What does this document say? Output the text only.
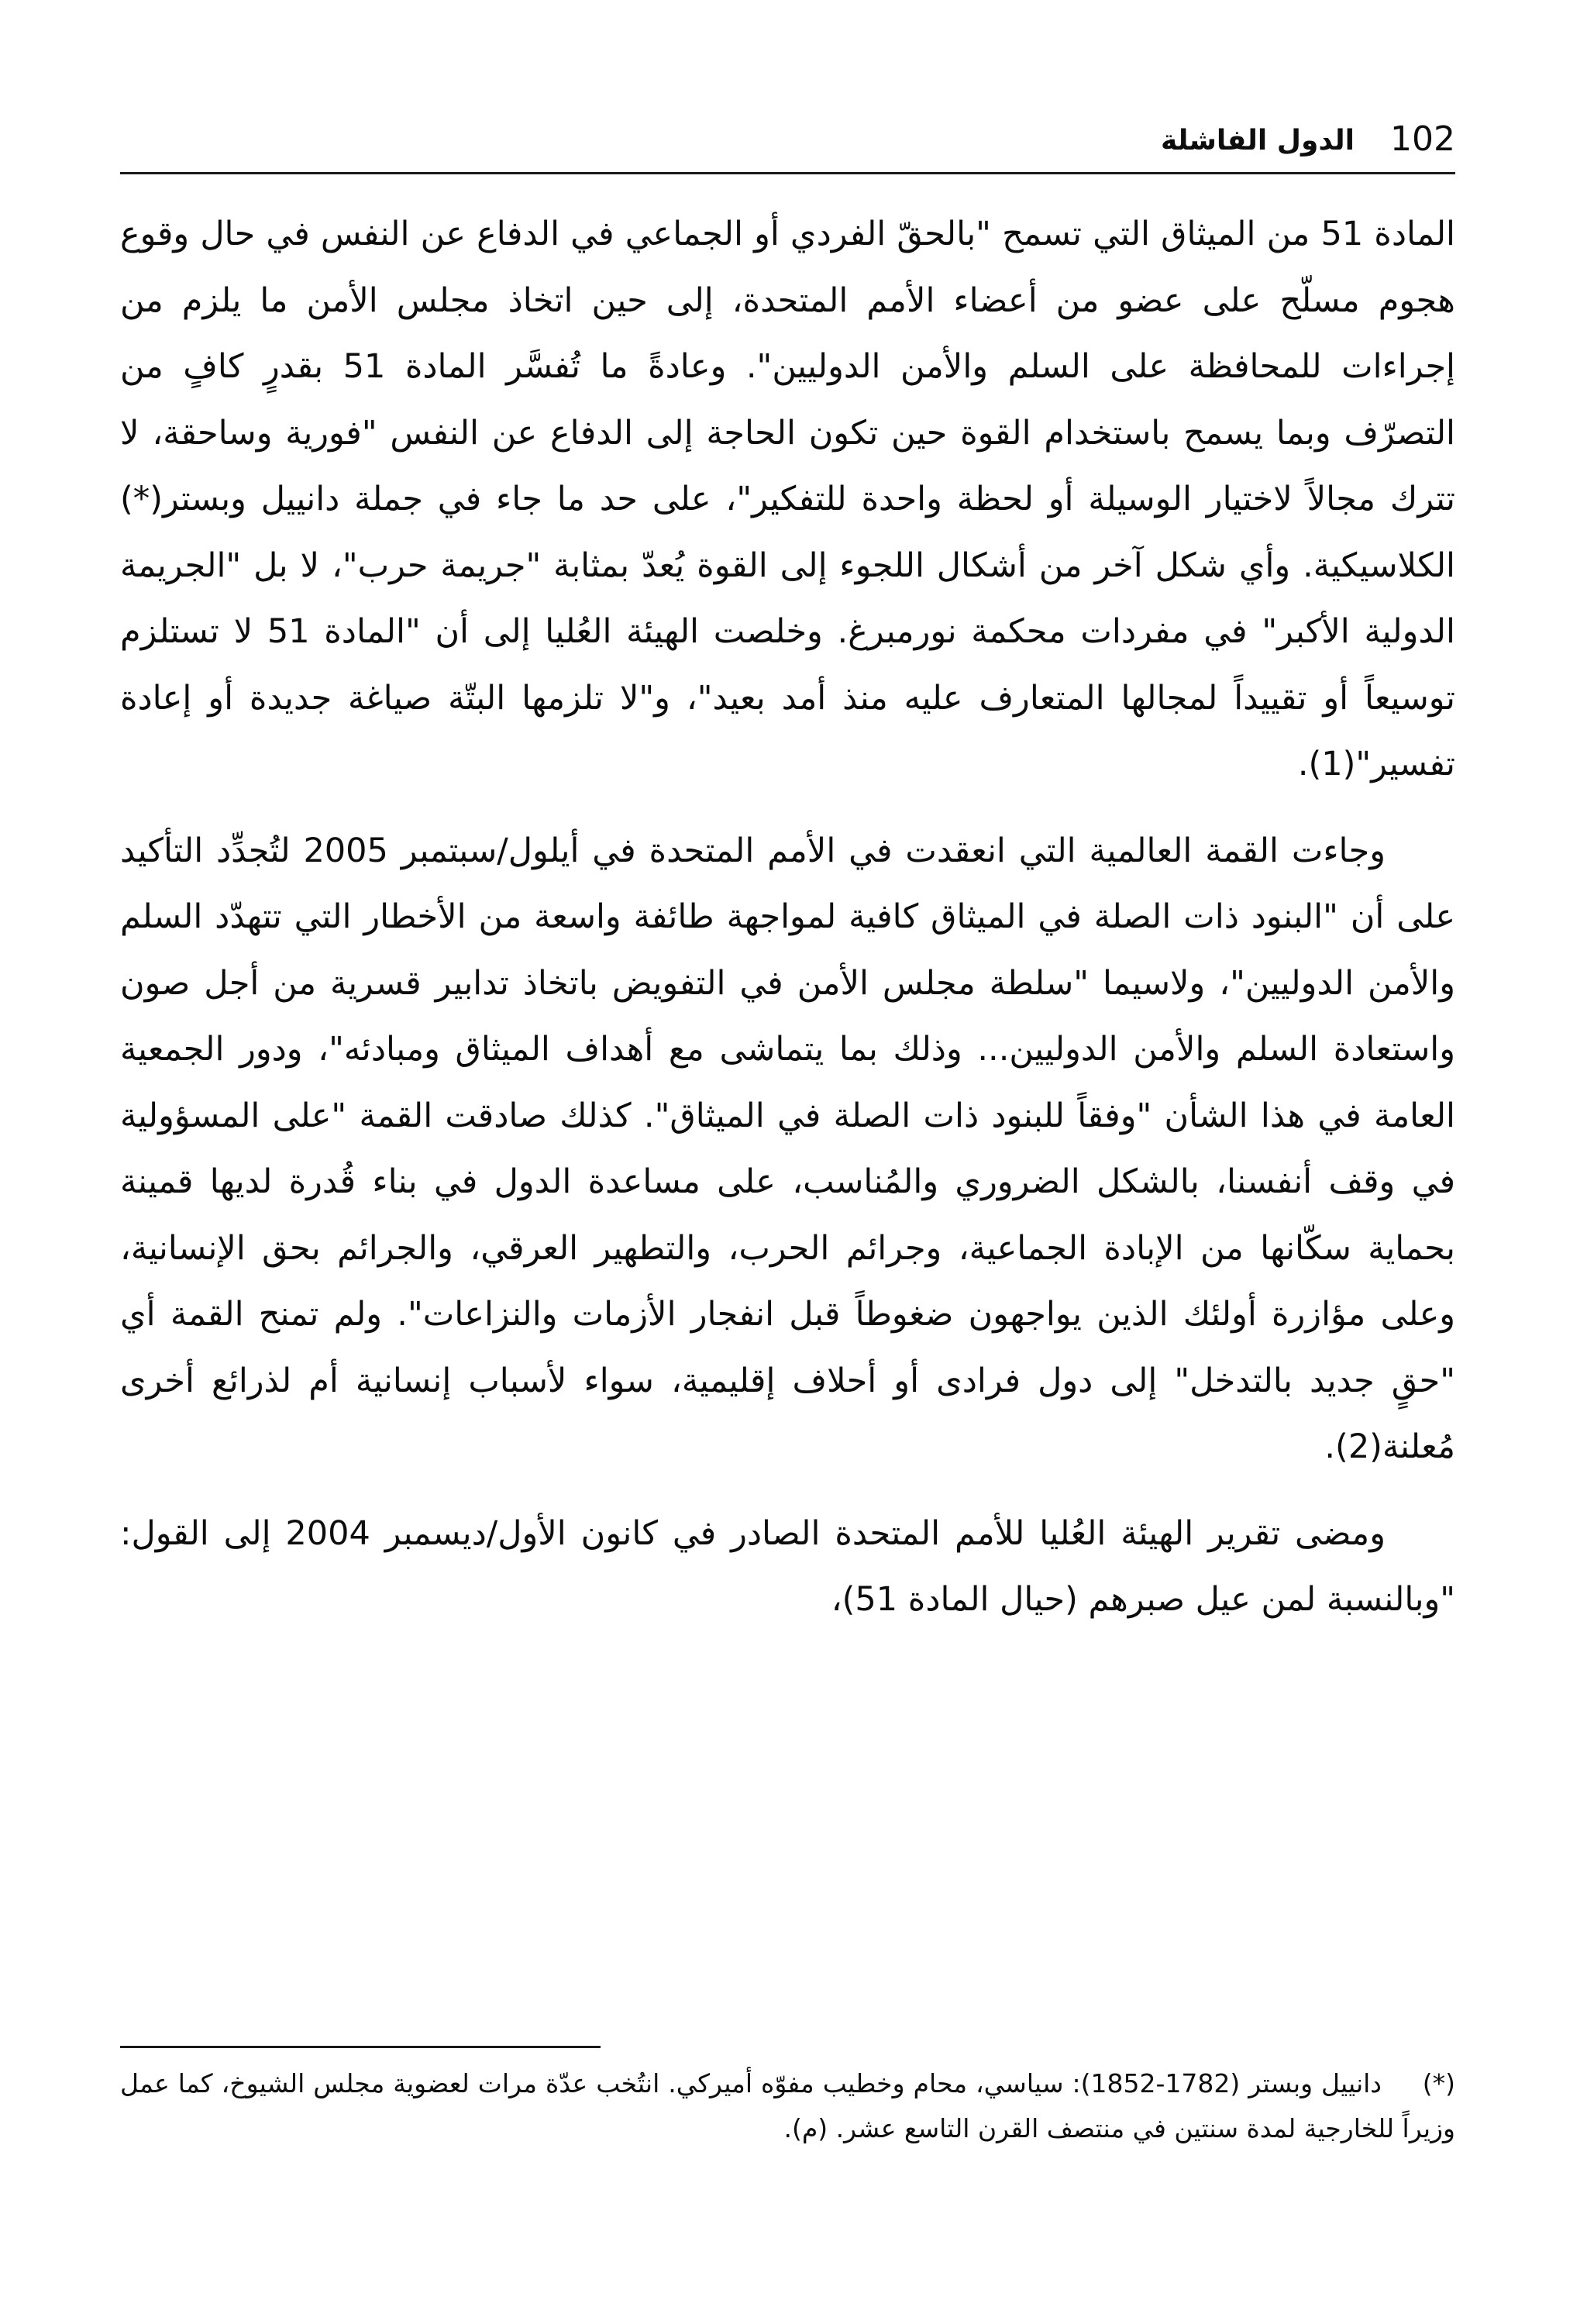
102
الدول الفاشلة

المادة 51 من الميثاق التي تسمح "بالحقّ الفردي أو الجماعي في الدفاع عن النفس في حال وقوع هجوم مسلّح على عضو من أعضاء الأمم المتحدة، إلى حين اتخاذ مجلس الأمن ما يلزم من إجراءات للمحافظة على السلم والأمن الدوليين". وعادةً ما تُفسَّر المادة 51 بقدرٍ كافٍ من التصرّف وبما يسمح باستخدام القوة حين تكون الحاجة إلى الدفاع عن النفس "فورية وساحقة، لا تترك مجالاً لاختيار الوسيلة أو لحظة واحدة للتفكير"، على حد ما جاء في جملة دانييل وبستر(*) الكلاسيكية. وأي شكل آخر من أشكال اللجوء إلى القوة يُعدّ بمثابة "جريمة حرب"، لا بل "الجريمة الدولية الأكبر" في مفردات محكمة نورمبرغ. وخلصت الهيئة العُليا إلى أن "المادة 51 لا تستلزم توسيعاً أو تقييداً لمجالها المتعارف عليه منذ أمد بعيد"، و"لا تلزمها البتّة صياغة جديدة أو إعادة تفسير"(1).

وجاءت القمة العالمية التي انعقدت في الأمم المتحدة في أيلول/سبتمبر 2005 لتُجدِّد التأكيد على أن "البنود ذات الصلة في الميثاق كافية لمواجهة طائفة واسعة من الأخطار التي تتهدّد السلم والأمن الدوليين"، ولاسيما "سلطة مجلس الأمن في التفويض باتخاذ تدابير قسرية من أجل صون واستعادة السلم والأمن الدوليين... وذلك بما يتماشى مع أهداف الميثاق ومبادئه"، ودور الجمعية العامة في هذا الشأن "وفقاً للبنود ذات الصلة في الميثاق". كذلك صادقت القمة "على المسؤولية في وقف أنفسنا، بالشكل الضروري والمُناسب، على مساعدة الدول في بناء قُدرة لديها قمينة بحماية سكّانها من الإبادة الجماعية، وجرائم الحرب، والتطهير العرقي، والجرائم بحق الإنسانية، وعلى مؤازرة أولئك الذين يواجهون ضغوطاً قبل انفجار الأزمات والنزاعات". ولم تمنح القمة أي "حقٍ جديد بالتدخل" إلى دول فرادى أو أحلاف إقليمية، سواء لأسباب إنسانية أم لذرائع أخرى مُعلنة(2).

ومضى تقرير الهيئة العُليا للأمم المتحدة الصادر في كانون الأول/ديسمبر 2004 إلى القول: "وبالنسبة لمن عيل صبرهم (حيال المادة 51)،

(*)دانييل وبستر (1782-1852): سياسي، محام وخطيب مفوّه أميركي. انتُخب عدّة مرات لعضوية مجلس الشيوخ، كما عمل وزيراً للخارجية لمدة سنتين في منتصف القرن التاسع عشر. (م).
